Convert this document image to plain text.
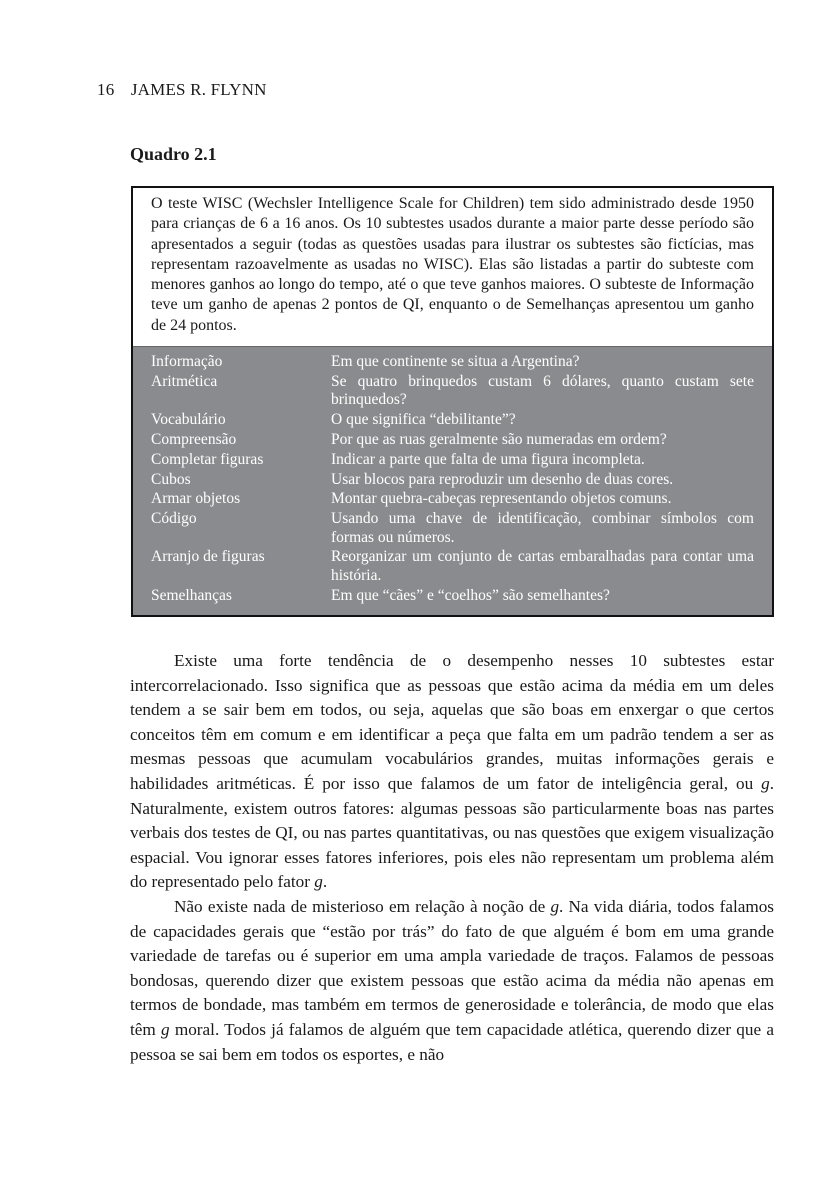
16 JAMES R. FLYNN
Quadro 2.1
O teste WISC (Wechsler Intelligence Scale for Children) tem sido administrado desde 1950 para crianças de 6 a 16 anos. Os 10 subtestes usados durante a maior parte desse período são apresentados a seguir (todas as questões usadas para ilustrar os subtestes são fictícias, mas representam razoavelmente as usadas no WISC). Elas são listadas a partir do subteste com menores ganhos ao longo do tempo, até o que teve ganhos maiores. O subteste de Informação teve um ganho de apenas 2 pontos de QI, enquanto o de Semelhanças apresentou um ganho de 24 pontos.
Informação	Em que continente se situa a Argentina?
Aritmética	Se quatro brinquedos custam 6 dólares, quanto custam sete brinquedos?
Vocabulário	O que significa “debilitante”?
Compreensão	Por que as ruas geralmente são numeradas em ordem?
Completar figuras	Indicar a parte que falta de uma figura incompleta.
Cubos	Usar blocos para reproduzir um desenho de duas cores.
Armar objetos	Montar quebra-cabeças representando objetos comuns.
Código	Usando uma chave de identificação, combinar símbolos com formas ou números.
Arranjo de figuras	Reorganizar um conjunto de cartas embaralhadas para contar uma história.
Semelhanças	Em que “cães” e “coelhos” são semelhantes?

Existe uma forte tendência de o desempenho nesses 10 subtestes estar intercorrelacionado. Isso significa que as pessoas que estão acima da média em um deles tendem a se sair bem em todos, ou seja, aquelas que são boas em enxergar o que certos conceitos têm em comum e em identificar a peça que falta em um padrão tendem a ser as mesmas pessoas que acumulam vocabulários grandes, muitas informações gerais e habilidades aritméticas. É por isso que falamos de um fator de inteligência geral, ou g. Naturalmente, existem outros fatores: algumas pessoas são particularmente boas nas partes verbais dos testes de QI, ou nas partes quantitativas, ou nas questões que exigem visualização espacial. Vou ignorar esses fatores inferiores, pois eles não representam um problema além do representado pelo fator g.

Não existe nada de misterioso em relação à noção de g. Na vida diária, todos falamos de capacidades gerais que “estão por trás” do fato de que alguém é bom em uma grande variedade de tarefas ou é superior em uma ampla variedade de traços. Falamos de pessoas bondosas, querendo dizer que existem pessoas que estão acima da média não apenas em termos de bondade, mas também em termos de generosidade e tolerância, de modo que elas têm g moral. Todos já falamos de alguém que tem capacidade atlética, querendo dizer que a pessoa se sai bem em todos os esportes, e não
